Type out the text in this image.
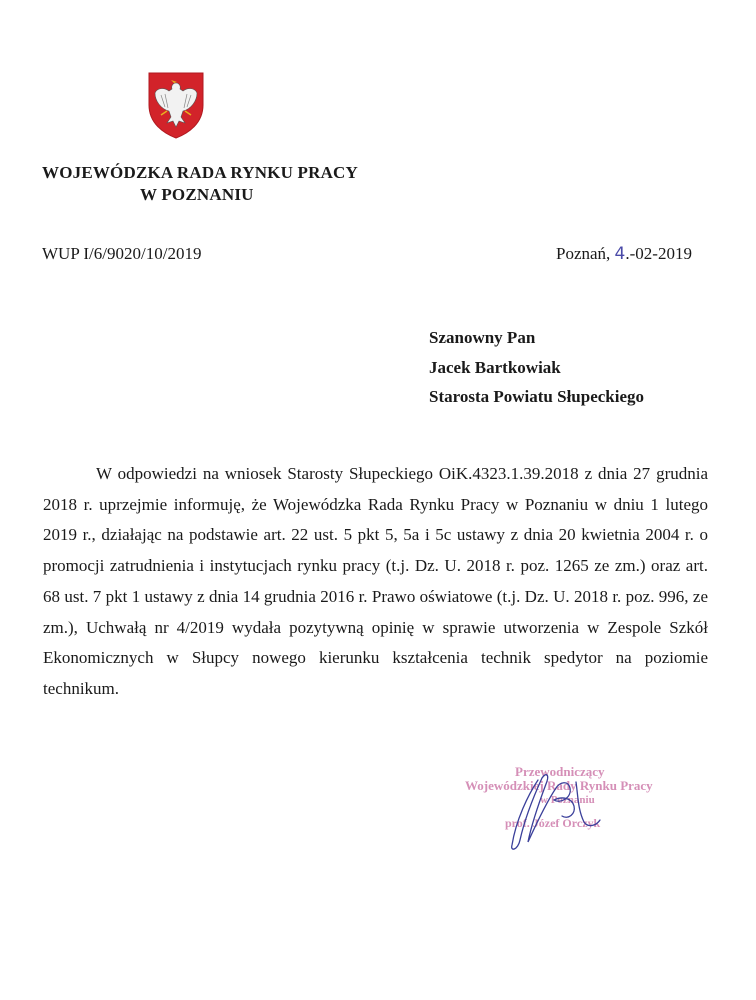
WOJEWÓDZKA RADA RYNKU PRACY
W POZNANIU
WUP I/6/9020/10/2019	Poznań, 4.-02-2019
Szanowny Pan
Jacek Bartkowiak
Starosta Powiatu Słupeckiego

W odpowiedzi na wniosek Starosty Słupeckiego OiK.4323.1.39.2018 z dnia 27 grudnia 2018 r. uprzejmie informuję, że Wojewódzka Rada Rynku Pracy w Poznaniu w dniu 1 lutego 2019 r., działając na podstawie art. 22 ust. 5 pkt 5, 5a i 5c ustawy z dnia 20 kwietnia 2004 r. o promocji zatrudnienia i instytucjach rynku pracy (t.j. Dz. U. 2018 r. poz. 1265 ze zm.) oraz art. 68 ust. 7 pkt 1 ustawy z dnia 14 grudnia 2016 r. Prawo oświatowe (t.j. Dz. U. 2018 r. poz. 996, ze zm.), Uchwałą nr 4/2019 wydała pozytywną opinię w sprawie utworzenia w Zespole Szkół Ekonomicznych w Słupcy nowego kierunku kształcenia technik spedytor na poziomie technikum.

Przewodniczący
Wojewódzkiej Rady Rynku Pracy
w Poznaniu
prof. Józef Orczyk
